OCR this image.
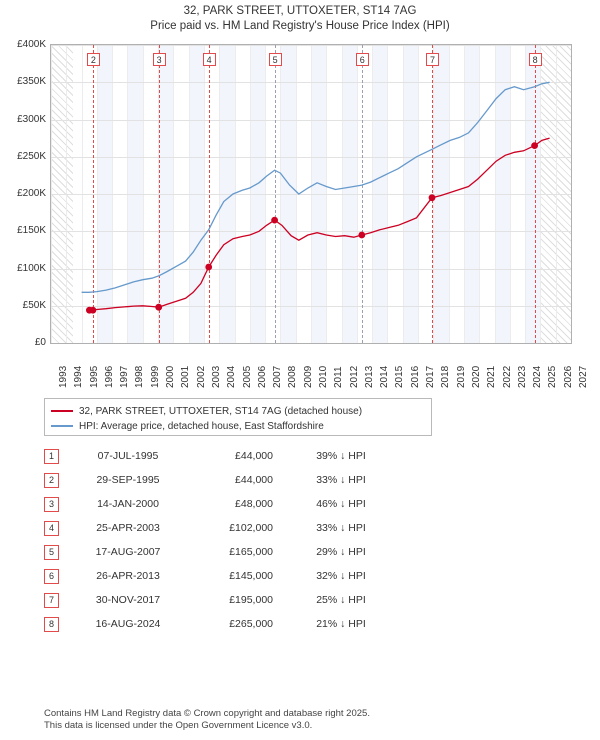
32, PARK STREET, UTTOXETER, ST14 7AG
Price paid vs. HM Land Registry's House Price Index (HPI)
£0
£50K
£100K
£150K
£200K
£250K
£300K
£350K
£400K
2	3	4	5	6	7	8
1993 1994 1995 1996 1997 1998 1999 2000 2001 2002 2003 2004 2005 2006 2007 2008 2009 2010 2011 2012 2013 2014 2015 2016 2017 2018 2019 2020 2021 2022 2023 2024 2025 2026 2027
32, PARK STREET, UTTOXETER, ST14 7AG (detached house)
HPI: Average price, detached house, East Staffordshire
1	07-JUL-1995	£44,000	39% ↓ HPI
2	29-SEP-1995	£44,000	33% ↓ HPI
3	14-JAN-2000	£48,000	46% ↓ HPI
4	25-APR-2003	£102,000	33% ↓ HPI
5	17-AUG-2007	£165,000	29% ↓ HPI
6	26-APR-2013	£145,000	32% ↓ HPI
7	30-NOV-2017	£195,000	25% ↓ HPI
8	16-AUG-2024	£265,000	21% ↓ HPI
Contains HM Land Registry data © Crown copyright and database right 2025.
This data is licensed under the Open Government Licence v3.0.
